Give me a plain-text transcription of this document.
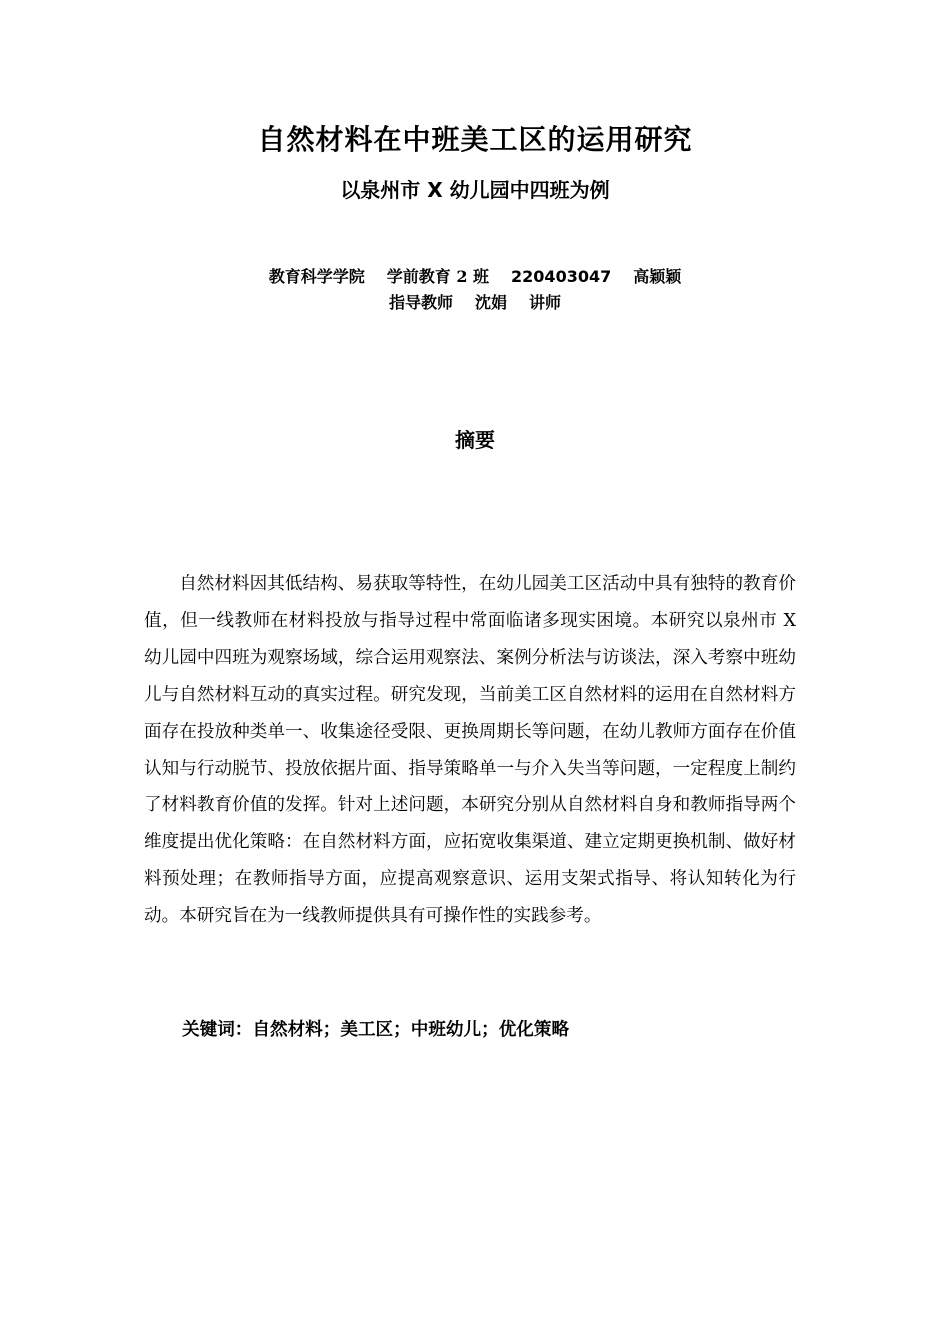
自然材料在中班美工区的运用研究
以泉州市 X 幼儿园中四班为例
教育科学学院 学前教育 2 班 220403047 高颖颖
指导教师 沈娟 讲师
摘要

自然材料因其低结构、易获取等特性，在幼儿园美工区活动中具有独特的教育价值，但一线教师在材料投放与指导过程中常面临诸多现实困境。本研究以泉州市 X 幼儿园中四班为观察场域，综合运用观察法、案例分析法与访谈法，深入考察中班幼儿与自然材料互动的真实过程。研究发现，当前美工区自然材料的运用在自然材料方面存在投放种类单一、收集途径受限、更换周期长等问题，在幼儿教师方面存在价值认知与行动脱节、投放依据片面、指导策略单一与介入失当等问题，一定程度上制约了材料教育价值的发挥。针对上述问题，本研究分别从自然材料自身和教师指导两个维度提出优化策略：在自然材料方面，应拓宽收集渠道、建立定期更换机制、做好材料预处理；在教师指导方面，应提高观察意识、运用支架式指导、将认知转化为行动。本研究旨在为一线教师提供具有可操作性的实践参考。

关键词：自然材料；美工区；中班幼儿；优化策略
